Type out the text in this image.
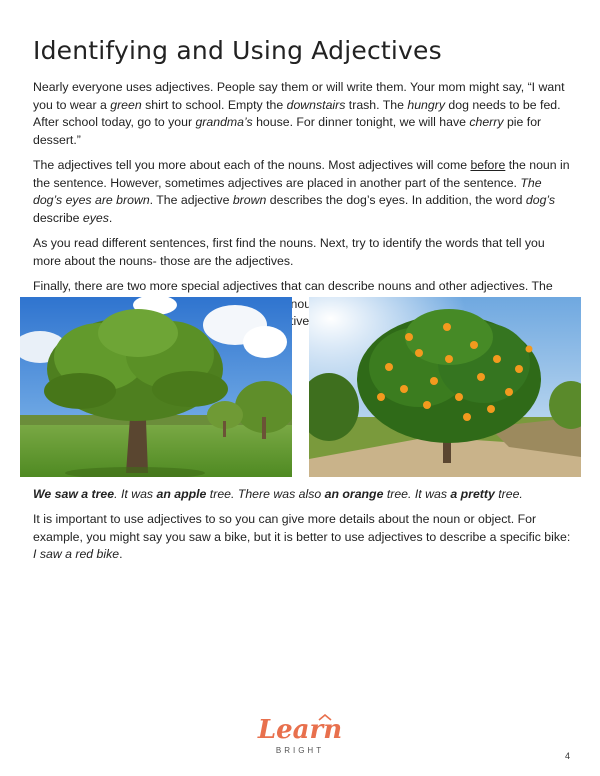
Identifying and Using Adjectives

Nearly everyone uses adjectives. People say them or will write them. Your mom might say, “I want you to wear a green shirt to school. Empty the downstairs trash. The hungry dog needs to be fed. After school today, go to your grandma’s house. For dinner tonight, we will have cherry pie for dessert.”

The adjectives tell you more about each of the nouns. Most adjectives will come before the noun in the sentence. However, sometimes adjectives are placed in another part of the sentence. The dog’s eyes are brown. The adjective brown describes the dog’s eyes. In addition, the word dog’s describe eyes.

As you read different sentences, first find the nouns. Next, try to identify the words that tell you more about the nouns- those are the adjectives.

Finally, there are two more special adjectives that can describe nouns and other adjectives. The nouns

We saw a tree. It was an apple tree. There was also an orange tree. It was a pretty tree.

It is important to use adjectives to so you can give more details about the noun or object. For example, you might say you saw a bike, but it is better to use adjectives to describe a specific bike: I saw a red bike.

Learn
BRIGHT
4
